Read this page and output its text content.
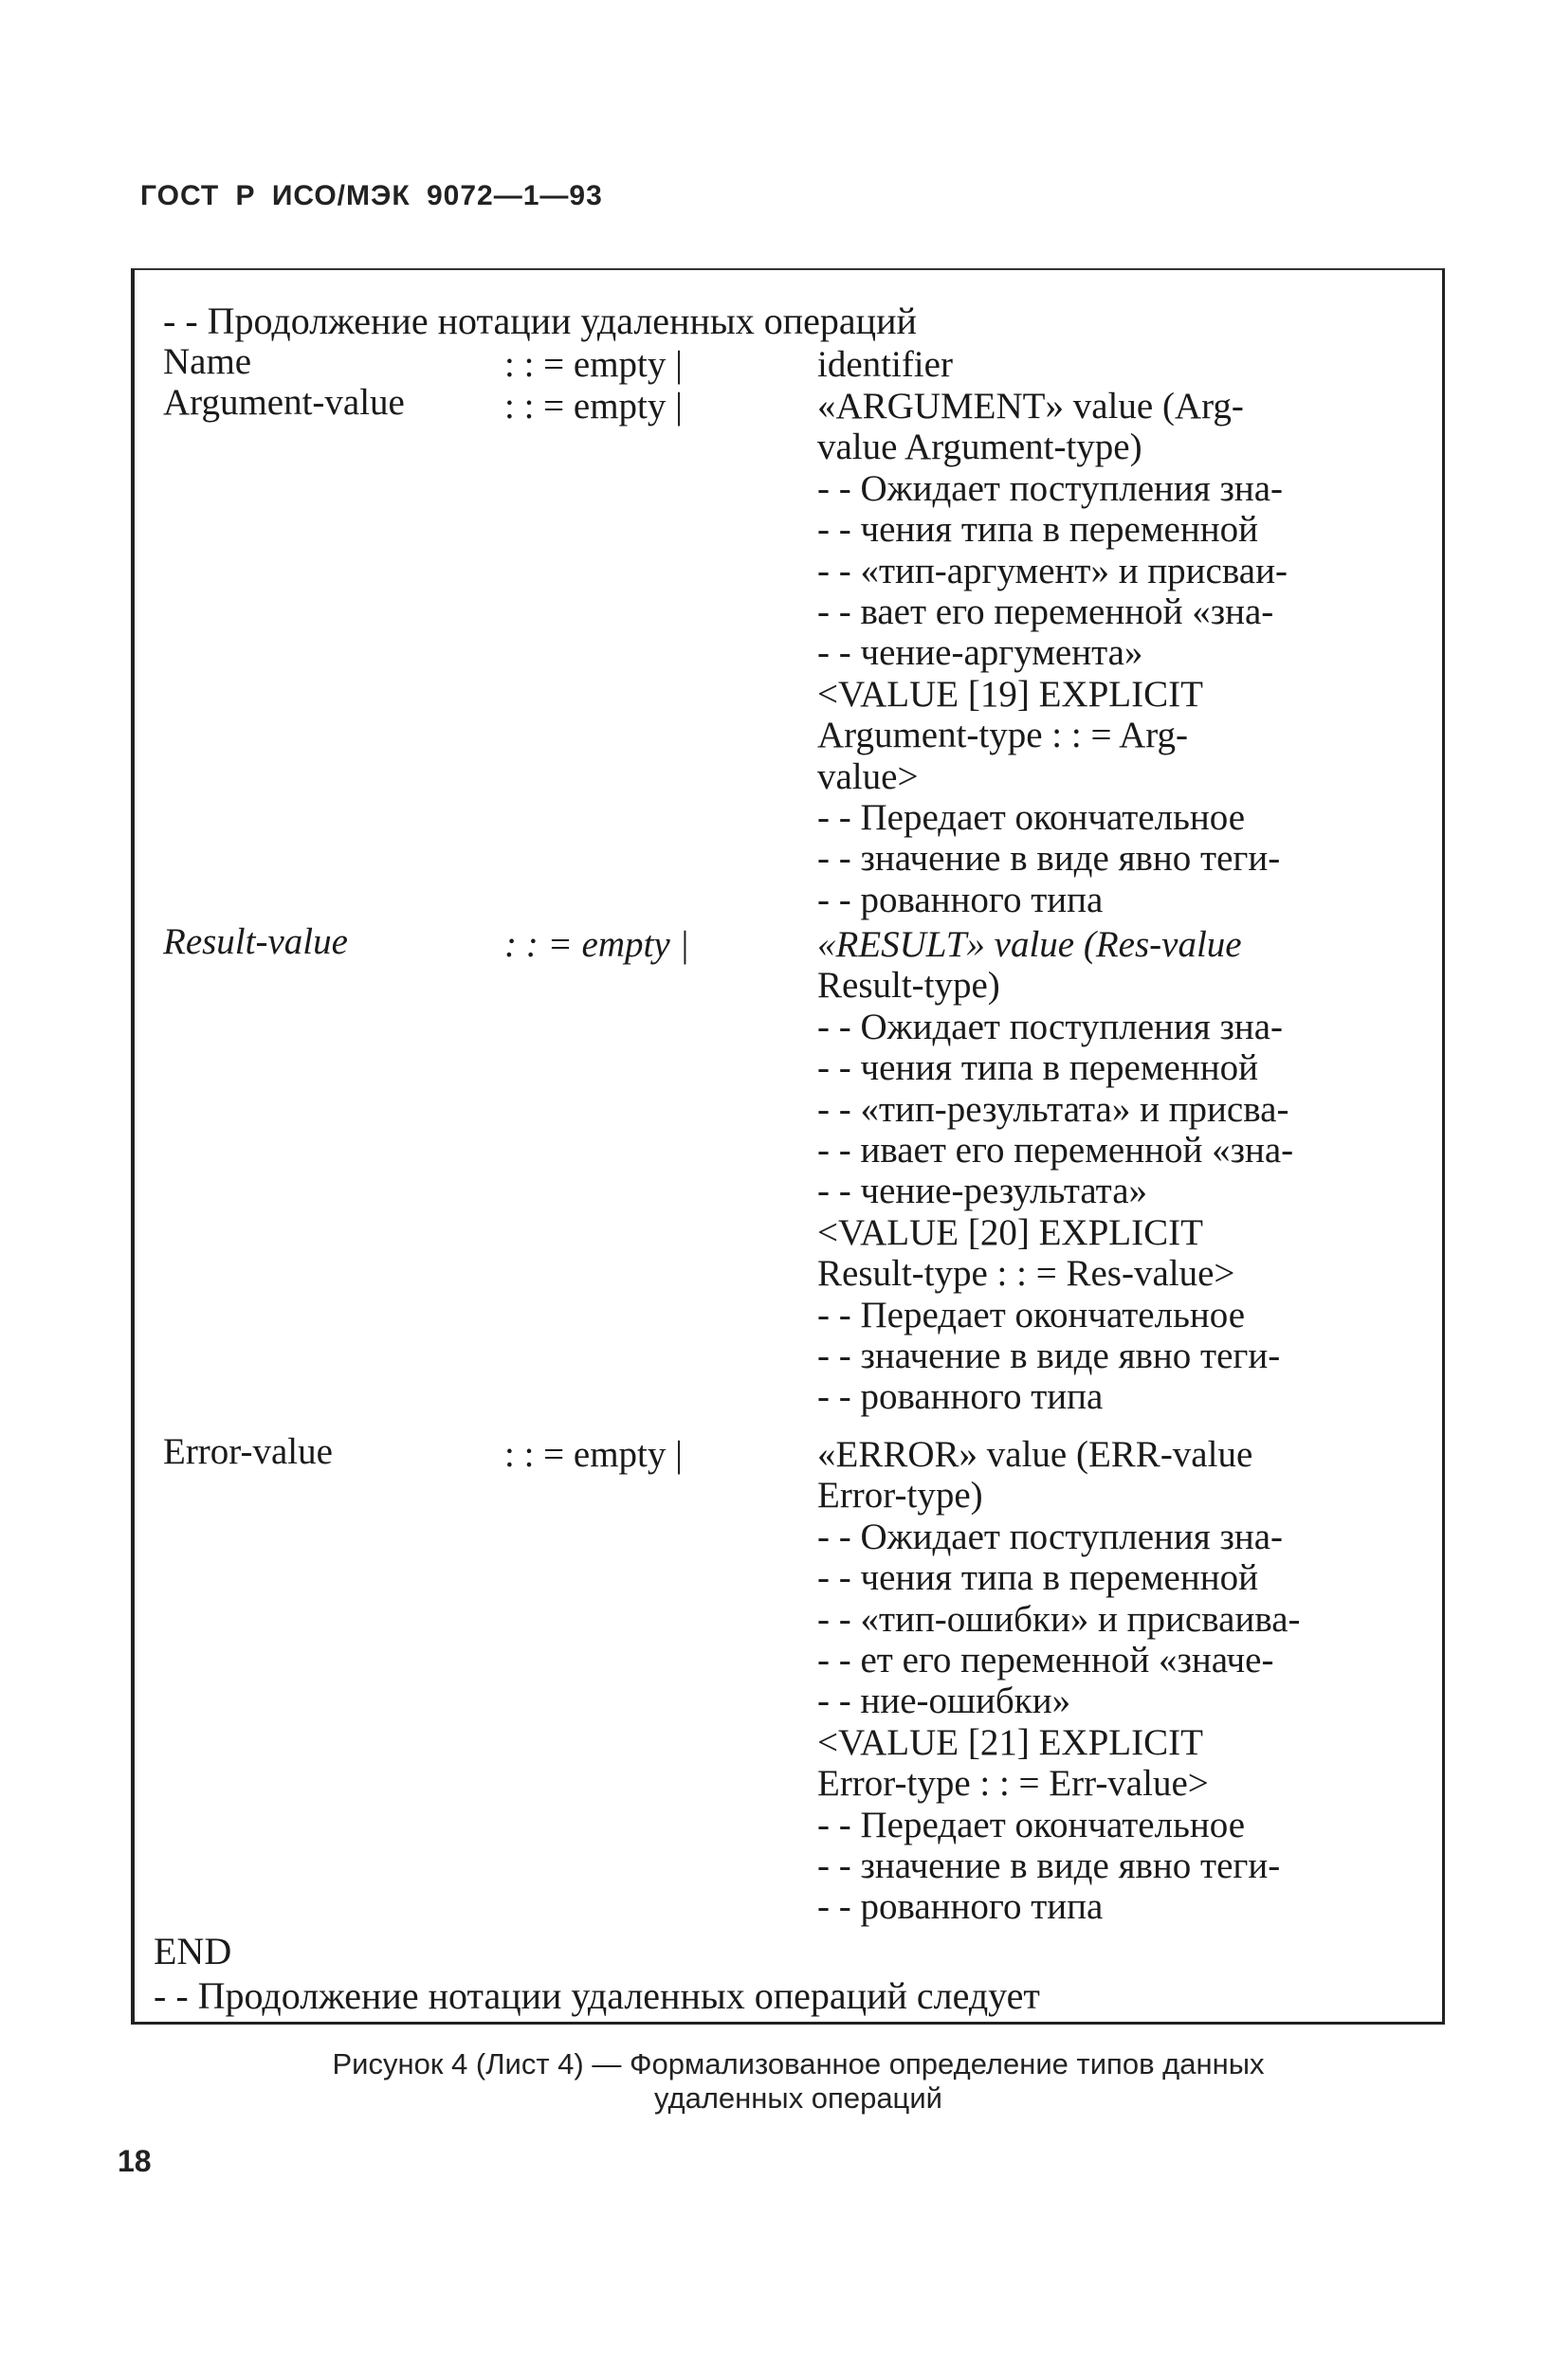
ГОСТ Р ИСО/МЭК 9072—1—93
- - Продолжение нотации удаленных операций
Name	: : = empty |	identifier
Argument-value	: : = empty |	«ARGUMENT» value (Arg-
value Argument-type)
- - Ожидает поступления зна-
- - чения типа в переменной
- - «тип-аргумент» и присваи-
- - вает его переменной «зна-
- - чение-аргумента»
<VALUE [19] EXPLICIT
Argument-type : : = Arg-
value>
- - Передает окончательное
- - значение в виде явно теги-
- - рованного типа
Result-value	: : = empty |	«RESULT» value (Res-value
Result-type)
- - Ожидает поступления зна-
- - чения типа в переменной
- - «тип-результата» и присва-
- - ивает его переменной «зна-
- - чение-результата»
<VALUE [20] EXPLICIT
Result-type : : = Res-value>
- - Передает окончательное
- - значение в виде явно теги-
- - рованного типа
Error-value	: : = empty |	«ERROR» value (ERR-value
Error-type)
- - Ожидает поступления зна-
- - чения типа в переменной
- - «тип-ошибки» и присваива-
- - ет его переменной «значе-
- - ние-ошибки»
<VALUE [21] EXPLICIT
Error-type : : = Err-value>
- - Передает окончательное
- - значение в виде явно теги-
- - рованного типа
END
- - Продолжение нотации удаленных операций следует
Рисунок 4 (Лист 4) — Формализованное определение типов данных
удаленных операций
18
